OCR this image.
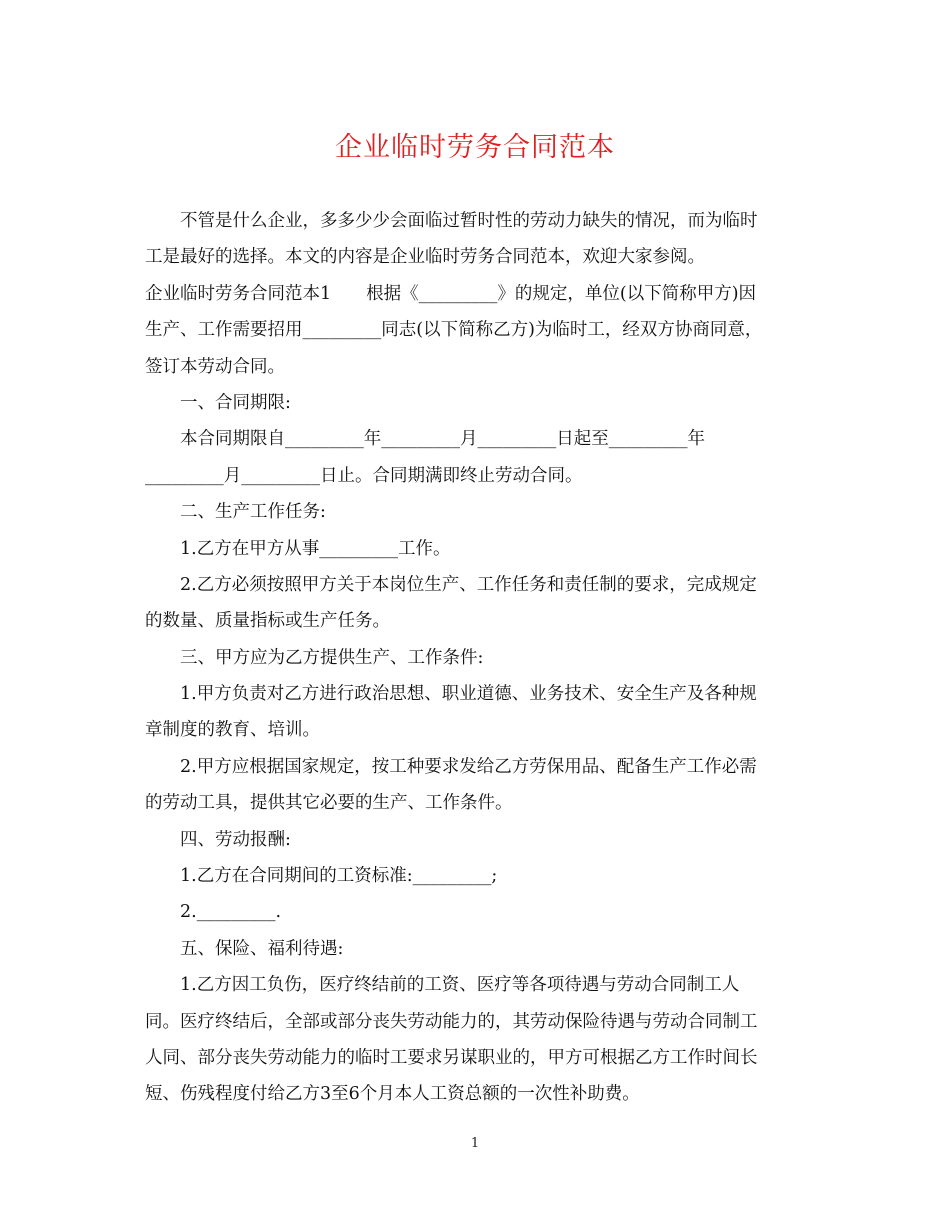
企业临时劳务合同范本
不管是什么企业，多多少少会面临过暂时性的劳动力缺失的情况，而为临时
工是最好的选择。本文的内容是企业临时劳务合同范本，欢迎大家参阅。
企业临时劳务合同范本1　　根据《_________》的规定，单位(以下简称甲方)因
生产、工作需要招用_________同志(以下简称乙方)为临时工，经双方协商同意，
签订本劳动合同。
一、合同期限:
本合同期限自_________年_________月_________日起至_________年
_________月_________日止。合同期满即终止劳动合同。
二、生产工作任务:
1.乙方在甲方从事_________工作。
2.乙方必须按照甲方关于本岗位生产、工作任务和责任制的要求，完成规定
的数量、质量指标或生产任务。
三、甲方应为乙方提供生产、工作条件:
1.甲方负责对乙方进行政治思想、职业道德、业务技术、安全生产及各种规
章制度的教育、培训。
2.甲方应根据国家规定，按工种要求发给乙方劳保用品、配备生产工作必需
的劳动工具，提供其它必要的生产、工作条件。
四、劳动报酬:
1.乙方在合同期间的工资标准:_________;
2._________.
五、保险、福利待遇:
1.乙方因工负伤，医疗终结前的工资、医疗等各项待遇与劳动合同制工人
同。医疗终结后，全部或部分丧失劳动能力的，其劳动保险待遇与劳动合同制工
人同、部分丧失劳动能力的临时工要求另谋职业的，甲方可根据乙方工作时间长
短、伤残程度付给乙方3至6个月本人工资总额的一次性补助费。
1
